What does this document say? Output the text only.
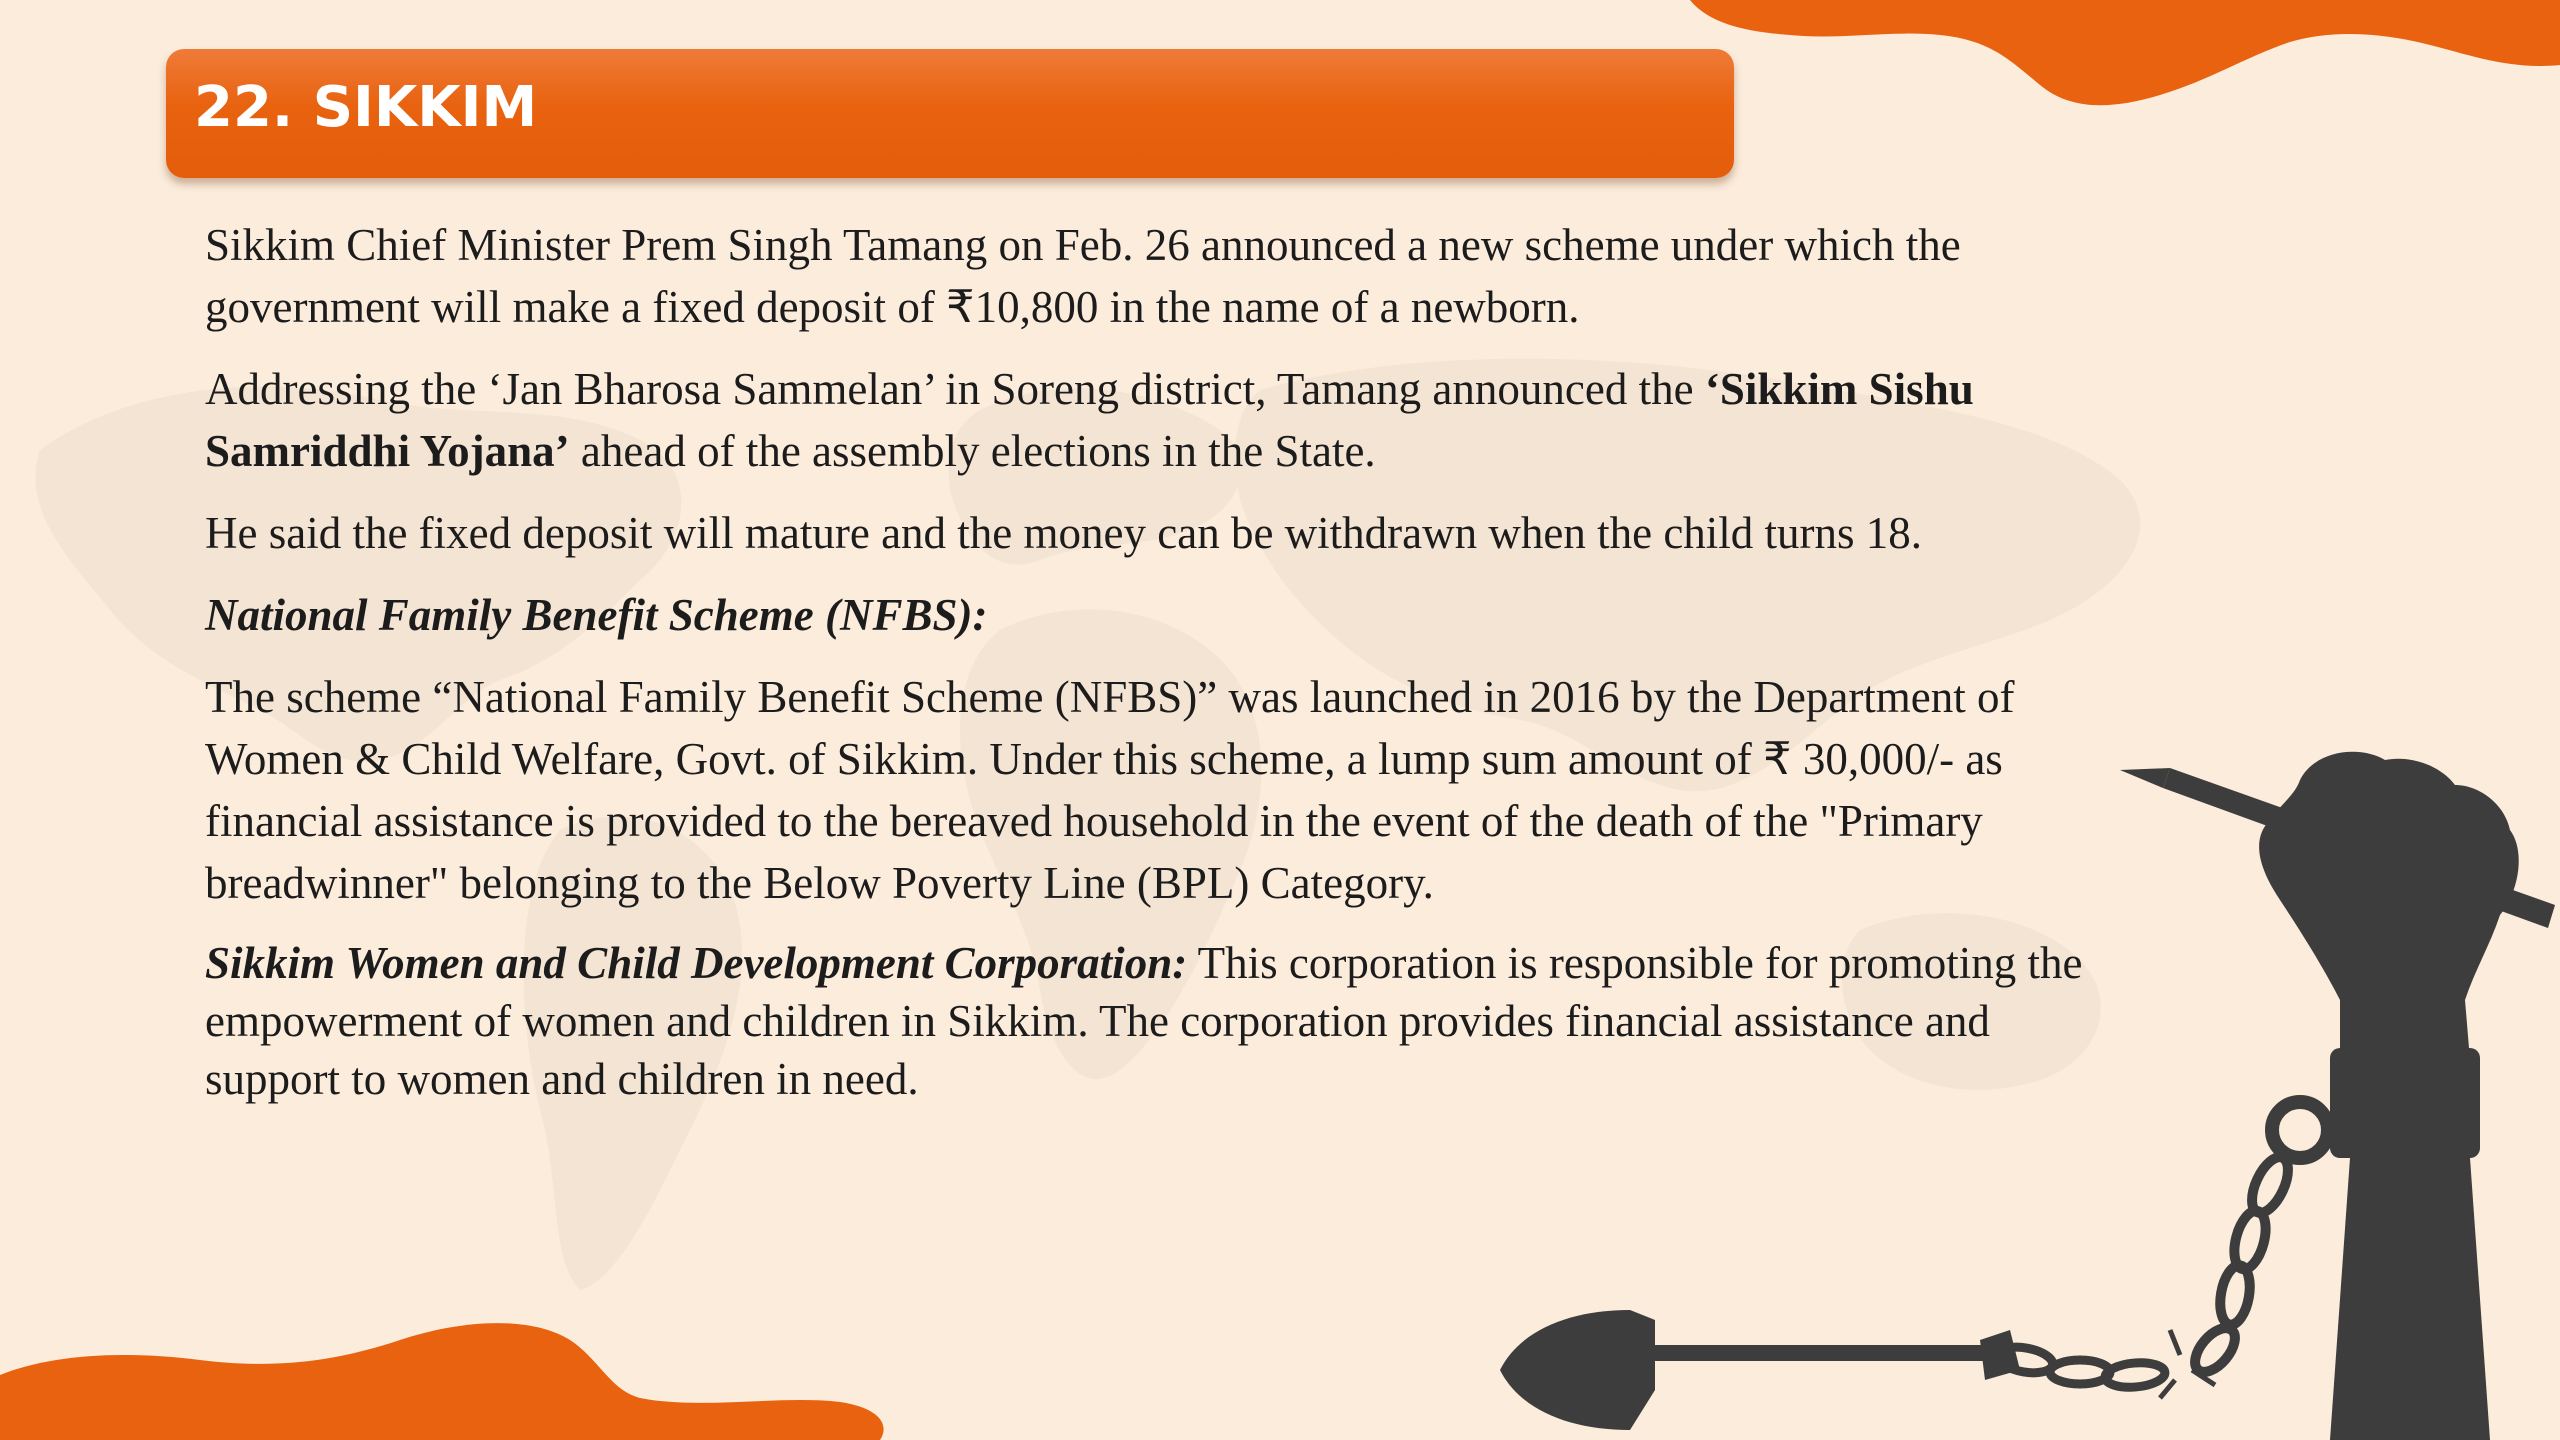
22. SIKKIM

Sikkim Chief Minister Prem Singh Tamang on Feb. 26 announced a new scheme under which the government will make a fixed deposit of ₹10,800 in the name of a newborn.

Addressing the ‘Jan Bharosa Sammelan’ in Soreng district, Tamang announced the ‘Sikkim Sishu Samriddhi Yojana’ ahead of the assembly elections in the State.

He said the fixed deposit will mature and the money can be withdrawn when the child turns 18.

National Family Benefit Scheme (NFBS):

The scheme “National Family Benefit Scheme (NFBS)” was launched in 2016 by the Department of Women & Child Welfare, Govt. of Sikkim. Under this scheme, a lump sum amount of ₹ 30,000/- as financial assistance is provided to the bereaved household in the event of the death of the "Primary breadwinner" belonging to the Below Poverty Line (BPL) Category.

Sikkim Women and Child Development Corporation: This corporation is responsible for promoting the empowerment of women and children in Sikkim. The corporation provides financial assistance and support to women and children in need.
